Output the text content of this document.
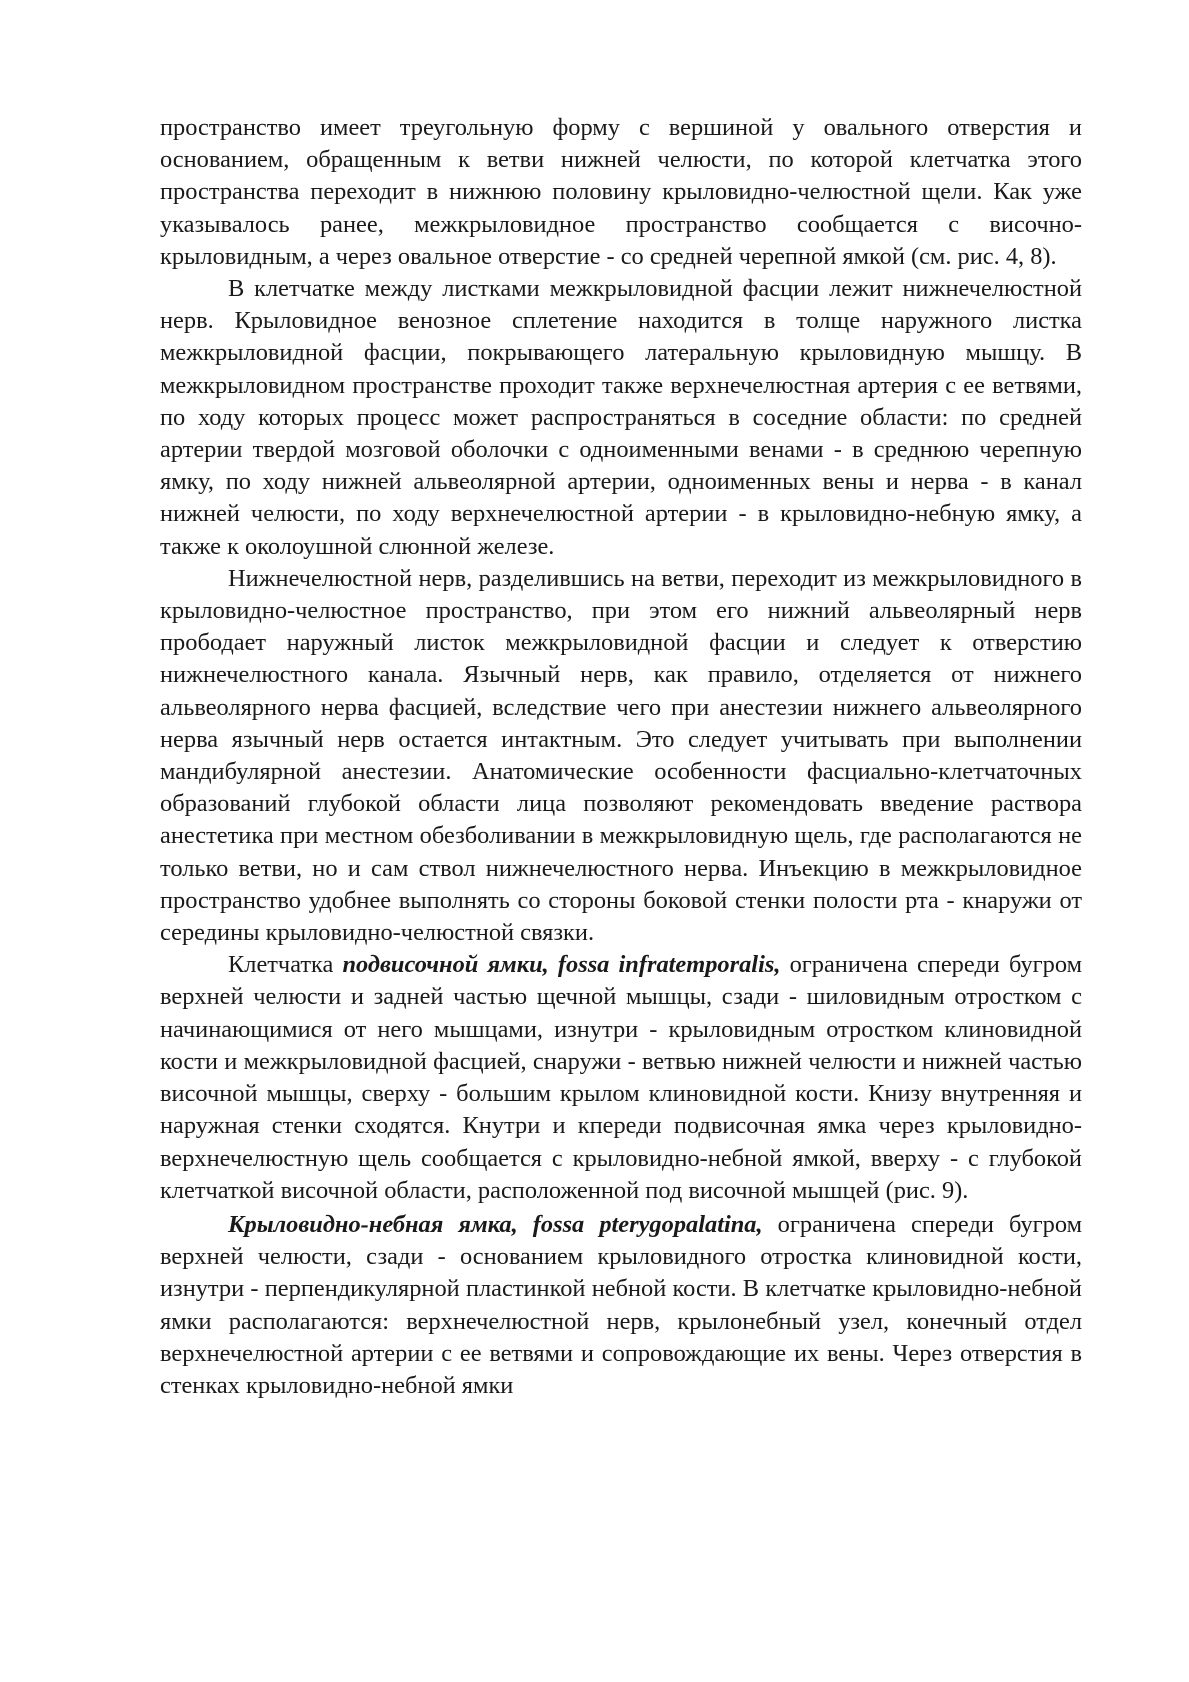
пространство имеет треугольную форму с вершиной у овального отверстия и основанием, обращенным к ветви нижней челюсти, по которой клетчатка этого пространства переходит в нижнюю половину крыловидно-челюстной щели. Как уже указывалось ранее, межкрыловидное пространство сообщается с височно-крыловидным, а через овальное отверстие - со средней черепной ямкой (см. рис. 4, 8).

В клетчатке между листками межкрыловидной фасции лежит нижнечелюстной нерв. Крыловидное венозное сплетение находится в толще наружного листка межкрыловидной фасции, покрывающего латеральную крыловидную мышцу. В межкрыловидном пространстве проходит также верхнечелюстная артерия с ее ветвями, по ходу которых процесс может распространяться в соседние области: по средней артерии твердой мозговой оболочки с одноименными венами - в среднюю черепную ямку, по ходу нижней альвеолярной артерии, одноименных вены и нерва - в канал нижней челюсти, по ходу верхнечелюстной артерии - в крыловидно-небную ямку, а также к околоушной слюнной железе.

Нижнечелюстной нерв, разделившись на ветви, переходит из межкрыловидного в крыловидно-челюстное пространство, при этом его нижний альвеолярный нерв прободает наружный листок межкрыловидной фасции и следует к отверстию нижнечелюстного канала. Язычный нерв, как правило, отделяется от нижнего альвеолярного нерва фасцией, вследствие чего при анестезии нижнего альвеолярного нерва язычный нерв остается интактным. Это следует учитывать при выполнении мандибулярной анестезии. Анатомические особенности фасциально-клетчаточных образований глубокой области лица позволяют рекомендовать введение раствора анестетика при местном обезболивании в межкрыловидную щель, где располагаются не только ветви, но и сам ствол нижнечелюстного нерва. Инъекцию в межкрыловидное пространство удобнее выполнять со стороны боковой стенки полости рта - кнаружи от середины крыловидно-челюстной связки.

Клетчатка подвисочной ямки, fossa infratemporalis, ограничена спереди бугром верхней челюсти и задней частью щечной мышцы, сзади - шиловидным отростком с начинающимися от него мышцами, изнутри - крыловидным отростком клиновидной кости и межкрыловидной фасцией, снаружи - ветвью нижней челюсти и нижней частью височной мышцы, сверху - большим крылом клиновидной кости. Книзу внутренняя и наружная стенки сходятся. Кнутри и кпереди подвисочная ямка через крыловидно-верхнечелюстную щель сообщается с крыловидно-небной ямкой, вверху - с глубокой клетчаткой височной области, расположенной под височной мышцей (рис. 9).

Крыловидно-небная ямка, fossa pterygopalatina, ограничена спереди бугром верхней челюсти, сзади - основанием крыловидного отростка клиновидной кости, изнутри - перпендикулярной пластинкой небной кости. В клетчатке крыловидно-небной ямки располагаются: верхнечелюстной нерв, крылонебный узел, конечный отдел верхнечелюстной артерии с ее ветвями и сопровождающие их вены. Через отверстия в стенках крыловидно-небной ямки
